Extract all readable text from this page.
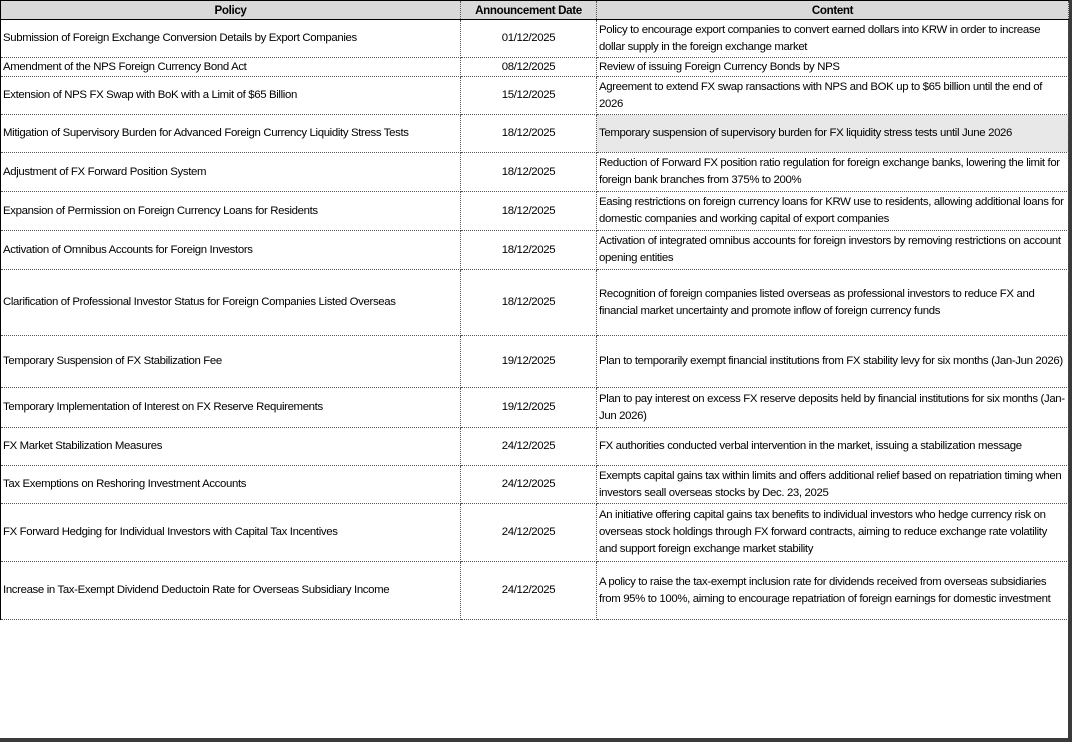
Policy	Announcement Date	Content
Submission of Foreign Exchange Conversion Details by Export Companies	01/12/2025	Policy to encourage export companies to convert earned dollars into KRW in order to increase dollar supply in the foreign exchange market
Amendment of the NPS Foreign Currency Bond Act	08/12/2025	Review of issuing Foreign Currency Bonds by NPS
Extension of NPS FX Swap with BoK with a Limit of $65 Billion	15/12/2025	Agreement to extend FX swap ransactions with NPS and BOK up to $65 billion until the end of 2026
Mitigation of Supervisory Burden for Advanced Foreign Currency Liquidity Stress Tests	18/12/2025	Temporary suspension of supervisory burden for FX liquidity stress tests until June 2026
Adjustment of FX Forward Position System	18/12/2025	Reduction of Forward FX position ratio regulation for foreign exchange banks, lowering the limit for foreign bank branches from 375% to 200%
Expansion of Permission on Foreign Currency Loans for Residents	18/12/2025	Easing restrictions on foreign currency loans for KRW use to residents, allowing additional loans for domestic companies and working capital of export companies
Activation of Omnibus Accounts for Foreign Investors	18/12/2025	Activation of integrated omnibus accounts for foreign investors by removing restrictions on account opening entities
Clarification of Professional Investor Status for Foreign Companies Listed Overseas	18/12/2025	Recognition of foreign companies listed overseas as professional investors to reduce FX and financial market uncertainty and promote inflow of foreign currency funds
Temporary Suspension of FX Stabilization Fee	19/12/2025	Plan to temporarily exempt financial institutions from FX stability levy for six months (Jan-Jun 2026)
Temporary Implementation of Interest on FX Reserve Requirements	19/12/2025	Plan to pay interest on excess FX reserve deposits held by financial institutions for six months (Jan-Jun 2026)
FX Market Stabilization Measures	24/12/2025	FX authorities conducted verbal intervention in the market, issuing a stabilization message
Tax Exemptions on Reshoring Investment Accounts	24/12/2025	Exempts capital gains tax within limits and offers additional relief based on repatriation timing when investors seall overseas stocks by Dec. 23, 2025
FX Forward Hedging for Individual Investors with Capital Tax Incentives	24/12/2025	An initiative offering capital gains tax benefits to individual investors who hedge currency risk on overseas stock holdings through FX forward contracts, aiming to reduce exchange rate volatility and support foreign exchange market stability
Increase in Tax-Exempt Dividend Deductoin Rate for Overseas Subsidiary Income	24/12/2025	A policy to raise the tax-exempt inclusion rate for dividends received from overseas subsidiaries from 95% to 100%, aiming to encourage repatriation of foreign earnings for domestic investment
